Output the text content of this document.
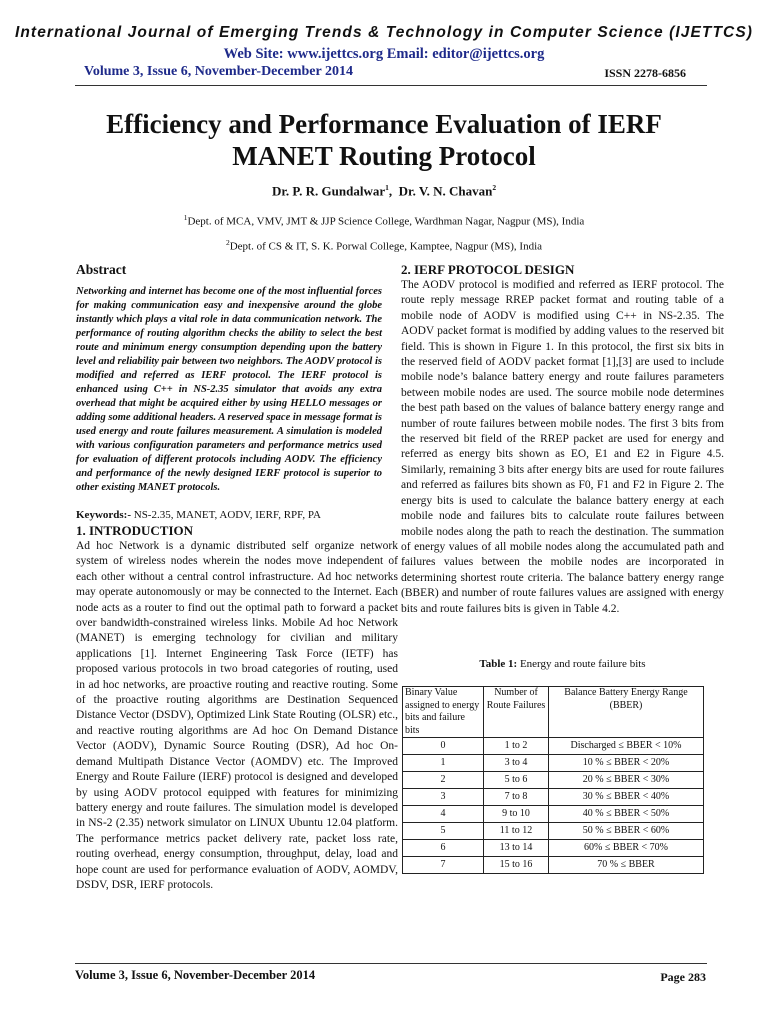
International Journal of Emerging Trends & Technology in Computer Science (IJETTCS)
Web Site: www.ijettcs.org Email: editor@ijettcs.org
Volume 3, Issue 6, November-December 2014	ISSN 2278-6856
Efficiency and Performance Evaluation of IERF MANET Routing Protocol
Dr. P. R. Gundalwar$^1$,  Dr. V. N. Chavan$^2$
$^1$Dept. of MCA, VMV, JMT & JJP Science College, Wardhman Nagar, Nagpur (MS), India
$^2$Dept. of CS & IT, S. K. Porwal College, Kamptee, Nagpur (MS), India
Abstract
Networking and internet has become one of the most influential forces for making communication easy and inexpensive around the globe instantly which plays a vital role in data communication network. The performance of routing algorithm checks the ability to select the best route and minimum energy consumption depending upon the battery level and reliability pair between two neighbors. The AODV protocol is modified and referred as IERF protocol. The IERF protocol is enhanced using C++ in NS-2.35 simulator that avoids any extra overhead that might be acquired either by using HELLO messages or adding some additional headers. A reserved space in message format is used energy and route failures measurement. A simulation is modeled with various configuration parameters and performance metrics used for evaluation of different protocols including AODV. The efficiency and performance of the newly designed IERF protocol is superior to other existing MANET protocols.
Keywords:- NS-2.35, MANET, AODV, IERF, RPF, PA
1. INTRODUCTION
Ad hoc Network is a dynamic distributed self organize network system of wireless nodes wherein the nodes move independent of each other without a central control infrastructure. Ad hoc networks may operate autonomously or may be connected to the Internet. Each node acts as a router to find out the optimal path to forward a packet over bandwidth-constrained wireless links. Mobile Ad hoc Network (MANET) is emerging technology for civilian and military applications [1]. Internet Engineering Task Force (IETF) has proposed various protocols in two broad categories of routing, used in ad hoc networks, are proactive routing and reactive routing. Some of the proactive routing algorithms are Destination Sequenced Distance Vector (DSDV), Optimized Link State Routing (OLSR) etc., and reactive routing algorithms are Ad hoc On Demand Distance Vector (AODV), Dynamic Source Routing (DSR), Ad hoc On-demand Multipath Distance Vector (AOMDV) etc. The Improved Energy and Route Failure (IERF) protocol is designed and developed by using AODV protocol equipped with features for minimizing battery energy and route failures. The simulation model is developed in NS-2 (2.35) network simulator on LINUX Ubuntu 12.04 platform. The performance metrics packet delivery rate, packet loss rate, routing overhead, energy consumption, throughput, delay, load and hope count are used for performance evaluation of AODV, AOMDV, DSDV, DSR, IERF protocols.
2. IERF PROTOCOL DESIGN
The AODV protocol is modified and referred as IERF protocol. The route reply message RREP packet format and routing table of a mobile node of AODV is modified using C++ in NS-2.35. The AODV packet format is modified by adding values to the reserved bit field. This is shown in Figure 1. In this protocol, the first six bits in the reserved field of AODV packet format [1],[3] are used to include mobile node’s balance battery energy and route failures parameters between mobile nodes are used. The source mobile node determines the best path based on the values of balance battery energy range and number of route failures between mobile nodes. The first 3 bits from the reserved bit field of the RREP packet are used for energy and referred as energy bits shown as EO, E1 and E2 in Figure 4.5. Similarly, remaining 3 bits after energy bits are used for route failures and referred as failures bits shown as F0, F1 and F2 in Figure 2. The energy bits is used to calculate the balance battery energy at each mobile node and failures bits to calculate route failures between mobile nodes along the path to reach the destination. The summation of energy values of all mobile nodes along the accumulated path and failures values between the mobile nodes are incorporated in determining shortest route criteria. The balance battery energy range (BBER) and number of route failures values are assigned with energy bits and route failures bits is given in Table 4.2.
Table 1: Energy and route failure bits
Binary Value assigned to energy bits and failure bits	Number of Route Failures	Balance Battery Energy Range (BBER)
0	1 to 2	Discharged ≤ BBER < 10%
1	3 to 4	10 % ≤ BBER < 20%
2	5 to 6	20 % ≤ BBER < 30%
3	7 to 8	30 % ≤ BBER < 40%
4	9 to 10	40 % ≤ BBER < 50%
5	11 to 12	50 % ≤ BBER < 60%
6	13 to 14	60% ≤ BBER < 70%
7	15 to 16	70 % ≤ BBER
Volume 3, Issue 6, November-December 2014	Page 283
